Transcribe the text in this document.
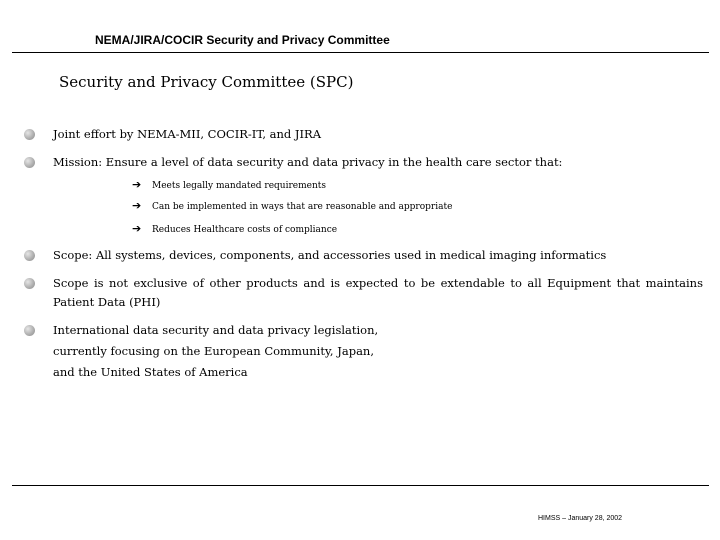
NEMA/JIRA/COCIR Security and Privacy Committee
Security and Privacy Committee (SPC)
Joint effort by NEMA-MII, COCIR-IT, and JIRA
Mission: Ensure a level of data security and data privacy in the health care sector that:
➔ Meets legally mandated requirements
➔ Can be implemented in ways that are reasonable and appropriate
➔ Reduces Healthcare costs of compliance
Scope: All systems, devices, components, and accessories used in medical imaging informatics
Scope is not exclusive of other products and is expected to be extendable to all Equipment that maintains Patient Data (PHI)
International data security and data privacy legislation,
currently focusing on the European Community, Japan,
and the United States of America
HIMSS – January 28, 2002
